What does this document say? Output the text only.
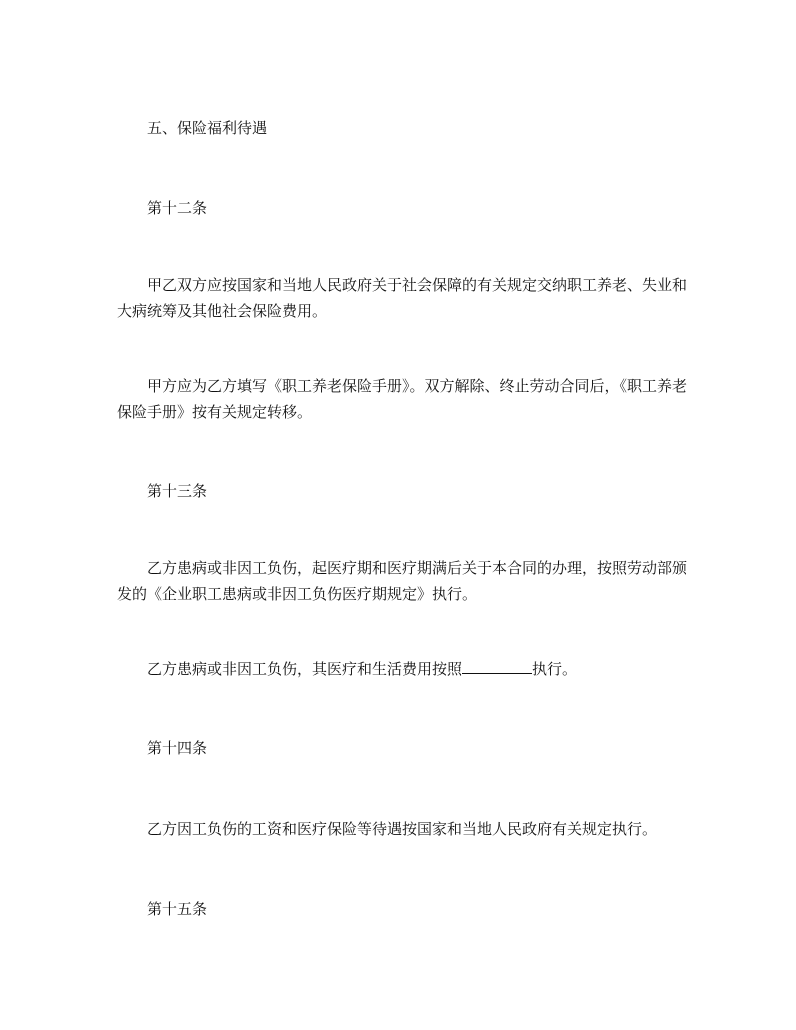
五、保险福利待遇

第十二条

甲乙双方应按国家和当地人民政府关于社会保障的有关规定交纳职工养老、失业和大病统筹及其他社会保险费用。

甲方应为乙方填写《职工养老保险手册》。双方解除、终止劳动合同后，《职工养老保险手册》按有关规定转移。

第十三条

乙方患病或非因工负伤，起医疗期和医疗期满后关于本合同的办理，按照劳动部颁发的《企业职工患病或非因工负伤医疗期规定》执行。

乙方患病或非因工负伤，其医疗和生活费用按照	执行。

第十四条

乙方因工负伤的工资和医疗保险等待遇按国家和当地人民政府有关规定执行。

第十五条
